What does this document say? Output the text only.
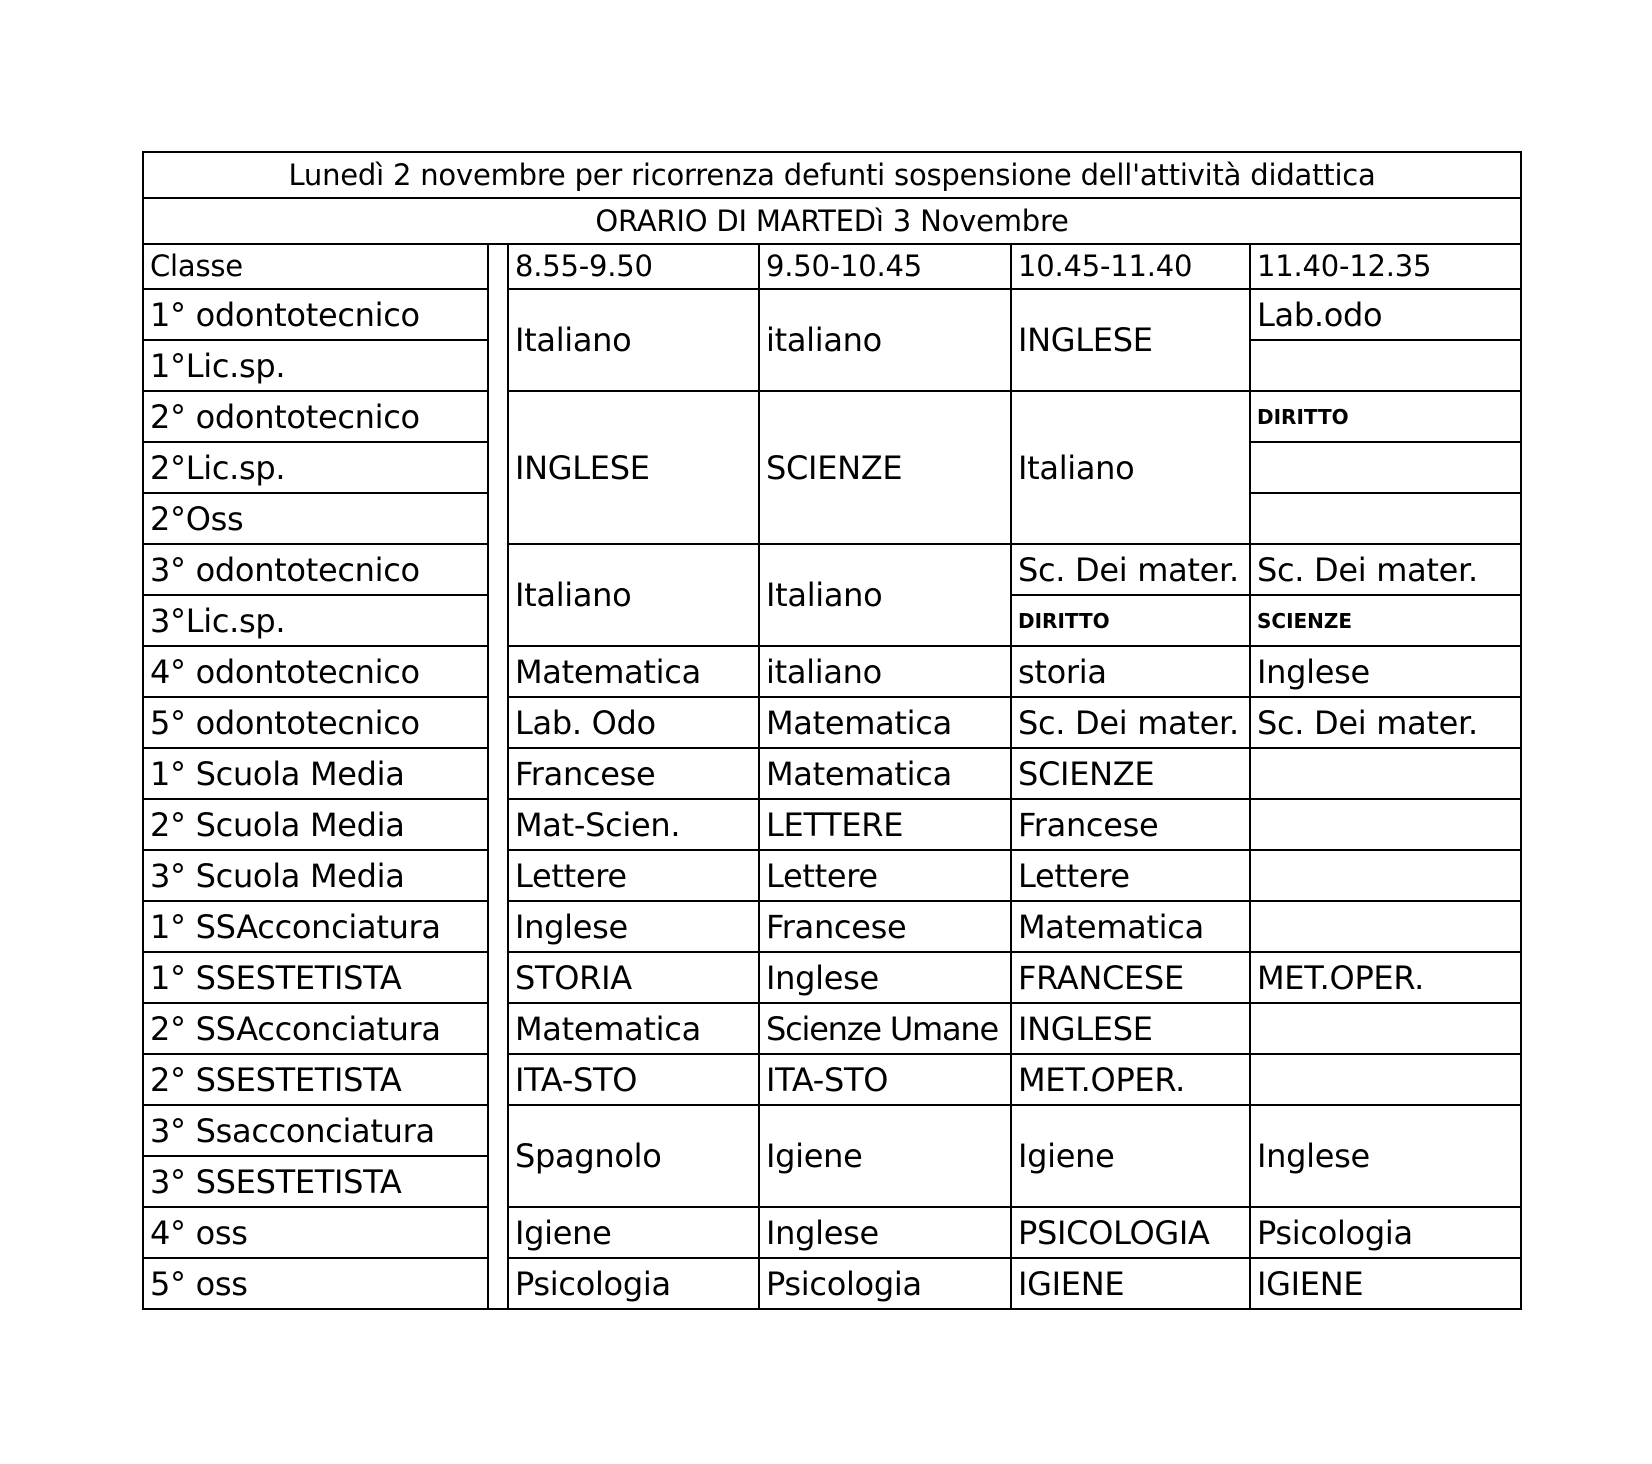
Lunedì 2 novembre per ricorrenza defunti sospensione dell'attività didattica					
ORARIO DI MARTEDì 3 Novembre					
Classe		8.55-9.50	9.50-10.45	10.45-11.40	11.40-12.35
1° odontotecnico		Italiano	italiano	INGLESE	Lab.odo
1°Lic.sp.					
2° odontotecnico		INGLESE	SCIENZE	Italiano	DIRITTO
2°Lic.sp.					
2°Oss					
3° odontotecnico		Italiano	Italiano	Sc. Dei mater.	Sc. Dei mater.
3°Lic.sp.				DIRITTO	SCIENZE
4° odontotecnico		Matematica	italiano	storia	Inglese
5° odontotecnico		Lab. Odo	Matematica	Sc. Dei mater.	Sc. Dei mater.
1° Scuola Media		Francese	Matematica	SCIENZE	
2° Scuola Media		Mat-Scien.	LETTERE	Francese	
3° Scuola Media		Lettere	Lettere	Lettere	
1° SSAcconciatura		Inglese	Francese	Matematica	
1° SSESTETISTA		STORIA	Inglese	FRANCESE	MET.OPER.
2° SSAcconciatura		Matematica	Scienze Umane	INGLESE	
2° SSESTETISTA		ITA-STO	ITA-STO	MET.OPER.	
3° Ssacconciatura		Spagnolo	Igiene	Igiene	Inglese
3° SSESTETISTA					
4° oss		Igiene	Inglese	PSICOLOGIA	Psicologia
5° oss		Psicologia	Psicologia	IGIENE	IGIENE
